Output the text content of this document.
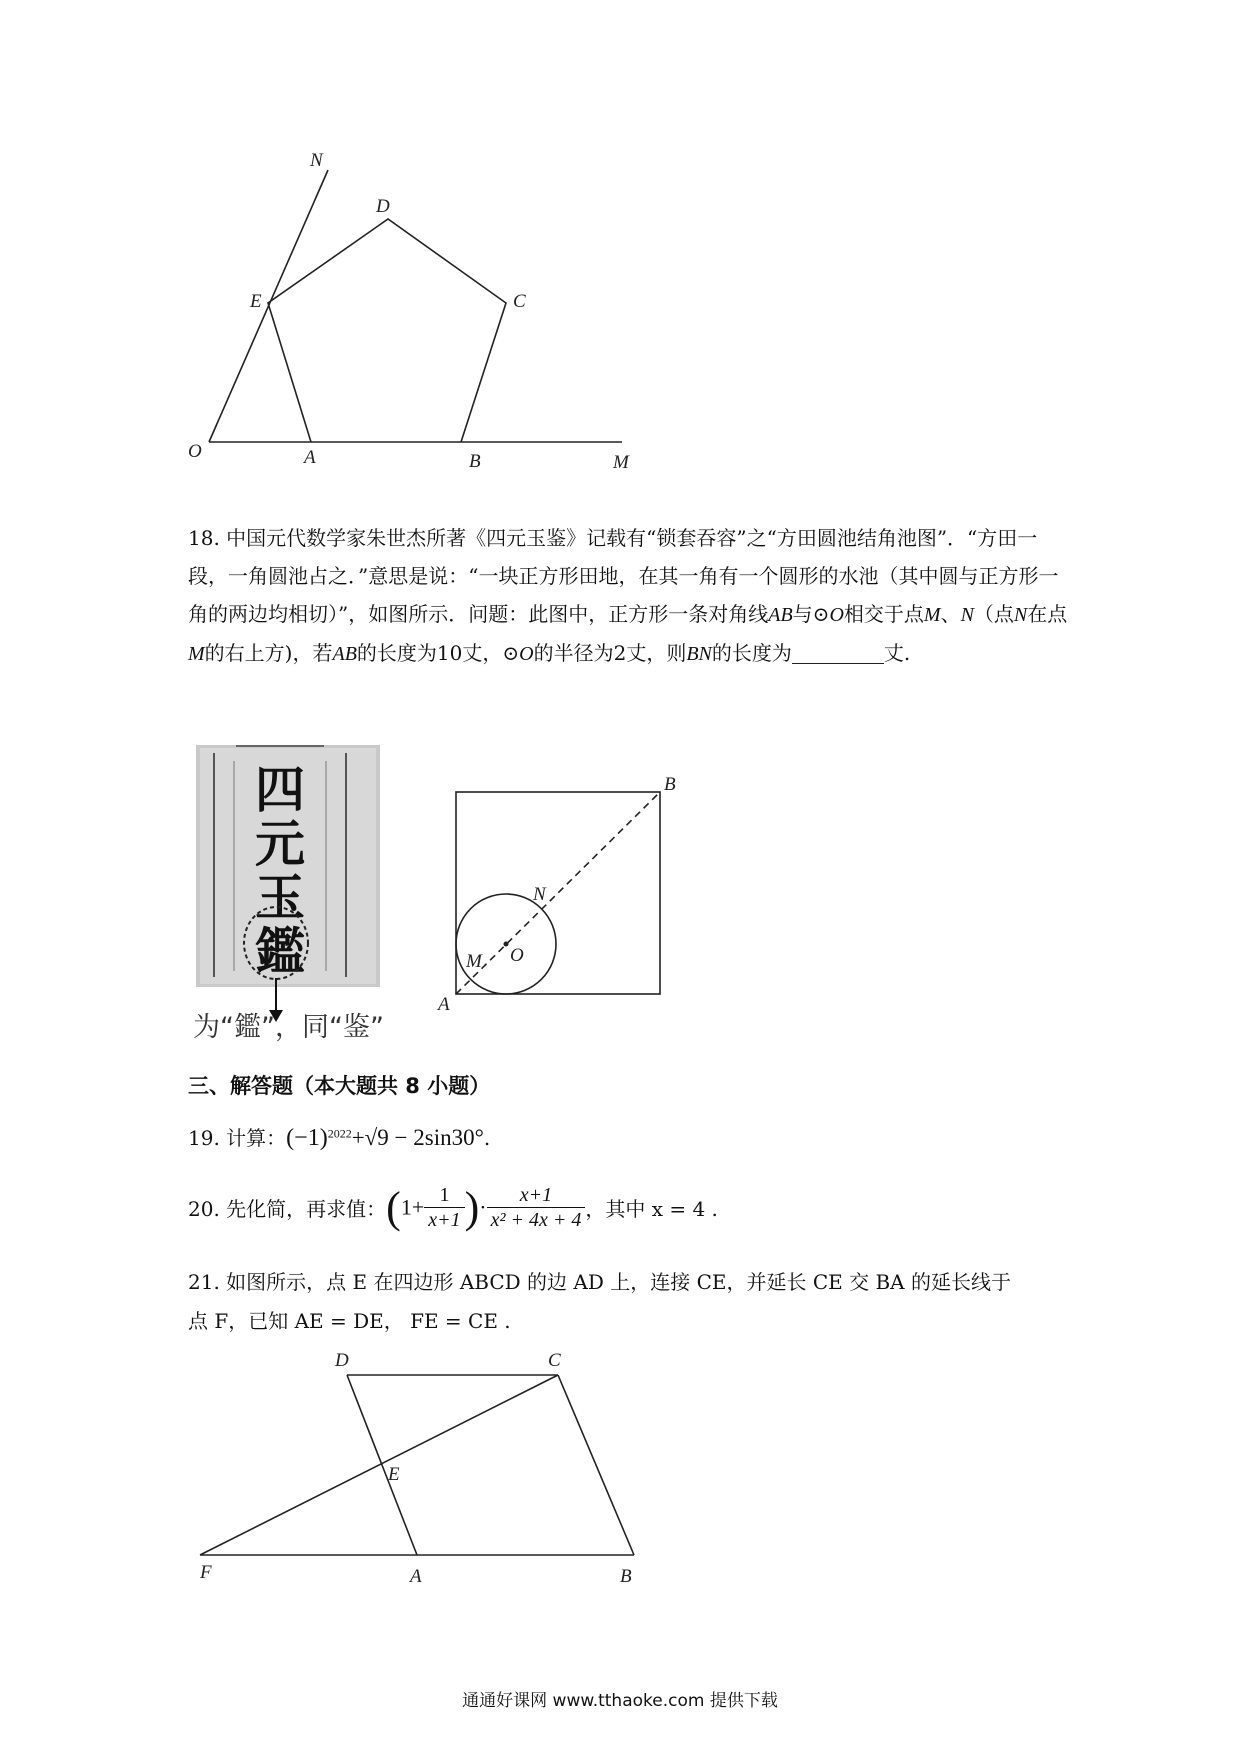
N
D
E	C
O	A	B	M
18. 中国元代数学家朱世杰所著《四元玉鉴》记载有“锁套吞容”之“方田圆池结角池图”．“方田一段，一角圆池占之．”意思是说：“一块正方形田地，在其一角有一个圆形的水池（其中圆与正方形一角的两边均相切）”，如图所示．问题：此图中，正方形一条对角线AB与⊙O相交于点M、N（点N在点M的右上方)，若AB的长度为10丈，⊙O的半径为2丈，则BN的长度为	丈.
四
元
玉
鑑
为“鑑”，同“鉴”
A
B
N
M O
三、解答题（本大题共 8 小题）
19. 计算：$(-1)^{2022}+√9 - 2\sin 30^\circ$.
20. 先化简，再求值：($1+ \frac{1}{x+1}$ )· $\frac{x+1}{\text{x² + 4x + 4}}$ ，其中 x = 4 .
21. 如图所示，点 E 在四边形 ABCD 的边 AD 上，连接 CE，并延长 CE 交 BA 的延长线于
点 F，已知 AE = DE， FE = CE .
D	C
E
F	A	B
通通好课网 www.tthaoke.com 提供下载
